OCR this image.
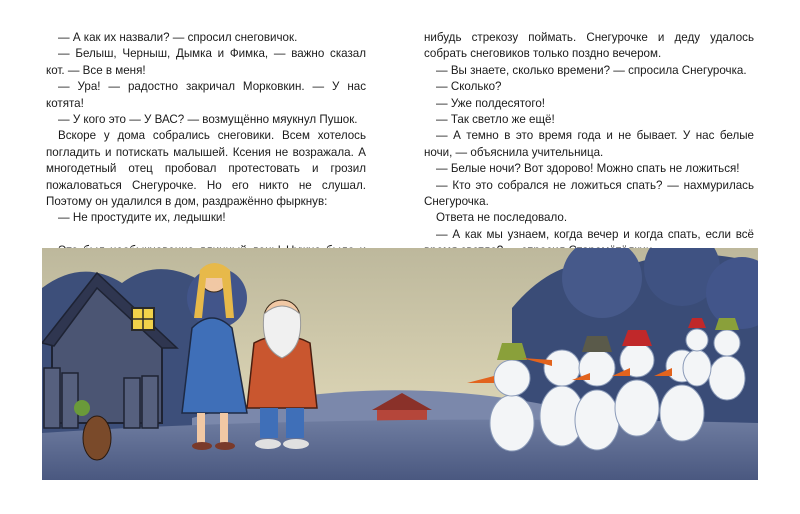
— А как их назвали? — спросил снеговичок.

— Белыш, Черныш, Дымка и Фимка, — важно сказал кот. — Все в меня!

— Ура! — радостно закричал Морковкин. — У нас котята!

— У кого это — У ВАС? — возмущённо мяукнул Пушок.

Вскоре у дома собрались снеговики. Всем хотелось погладить и потискать малышей. Ксения не возражала. А многодетный отец пробовал протестовать и грозил пожаловаться Снегурочке. Но его никто не слушал. Поэтому он удалился в дом, раздражённо фыркнув:

— Не простудите их, ледышки!

нибудь стрекозу поймать. Снегурочке и деду удалось собрать снеговиков только поздно вечером.

— Вы знаете, сколько времени? — спросила Снегурочка.

— Сколько?

— Уже полдесятого!

— Так светло же ещё!

— А темно в это время года и не бывает. У нас белые ночи, — объяснила учительница.

— Белые ночи? Вот здорово! Можно спать не ложиться!

— Кто это собрался не ложиться спать? — нахмурилась Снегурочка.

Ответа не последовало.

— А как мы узнаем, когда вечер и когда спать, если всё
